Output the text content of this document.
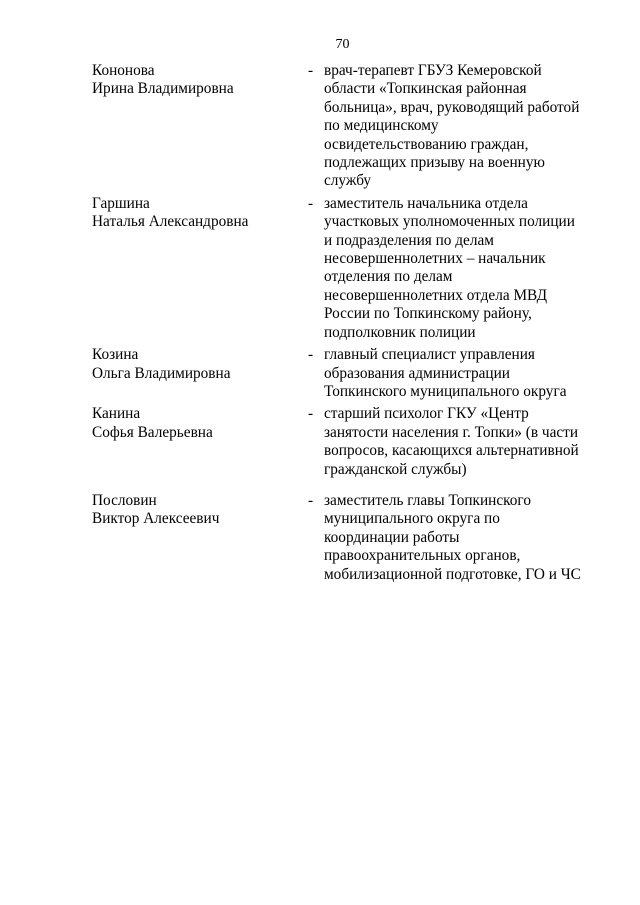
70
Кононова
Ирина Владимировна
- врач-терапевт ГБУЗ Кемеровской
области «Топкинская районная
больница», врач, руководящий работой
по медицинскому
освидетельствованию граждан,
подлежащих призыву на военную
службу
Гаршина
Наталья Александровна
- заместитель начальника отдела
участковых уполномоченных полиции
и подразделения по делам
несовершеннолетних – начальник
отделения по делам
несовершеннолетних отдела МВД
России по Топкинскому району,
подполковник полиции
Козина
Ольга Владимировна
- главный специалист управления
образования администрации
Топкинского муниципального округа
Канина
Софья Валерьевна
- старший психолог ГКУ «Центр
занятости населения г. Топки» (в части
вопросов, касающихся альтернативной
гражданской службы)
Пословин
Виктор Алексеевич
- заместитель главы Топкинского
муниципального округа по
координации работы
правоохранительных органов,
мобилизационной подготовке, ГО и ЧС
